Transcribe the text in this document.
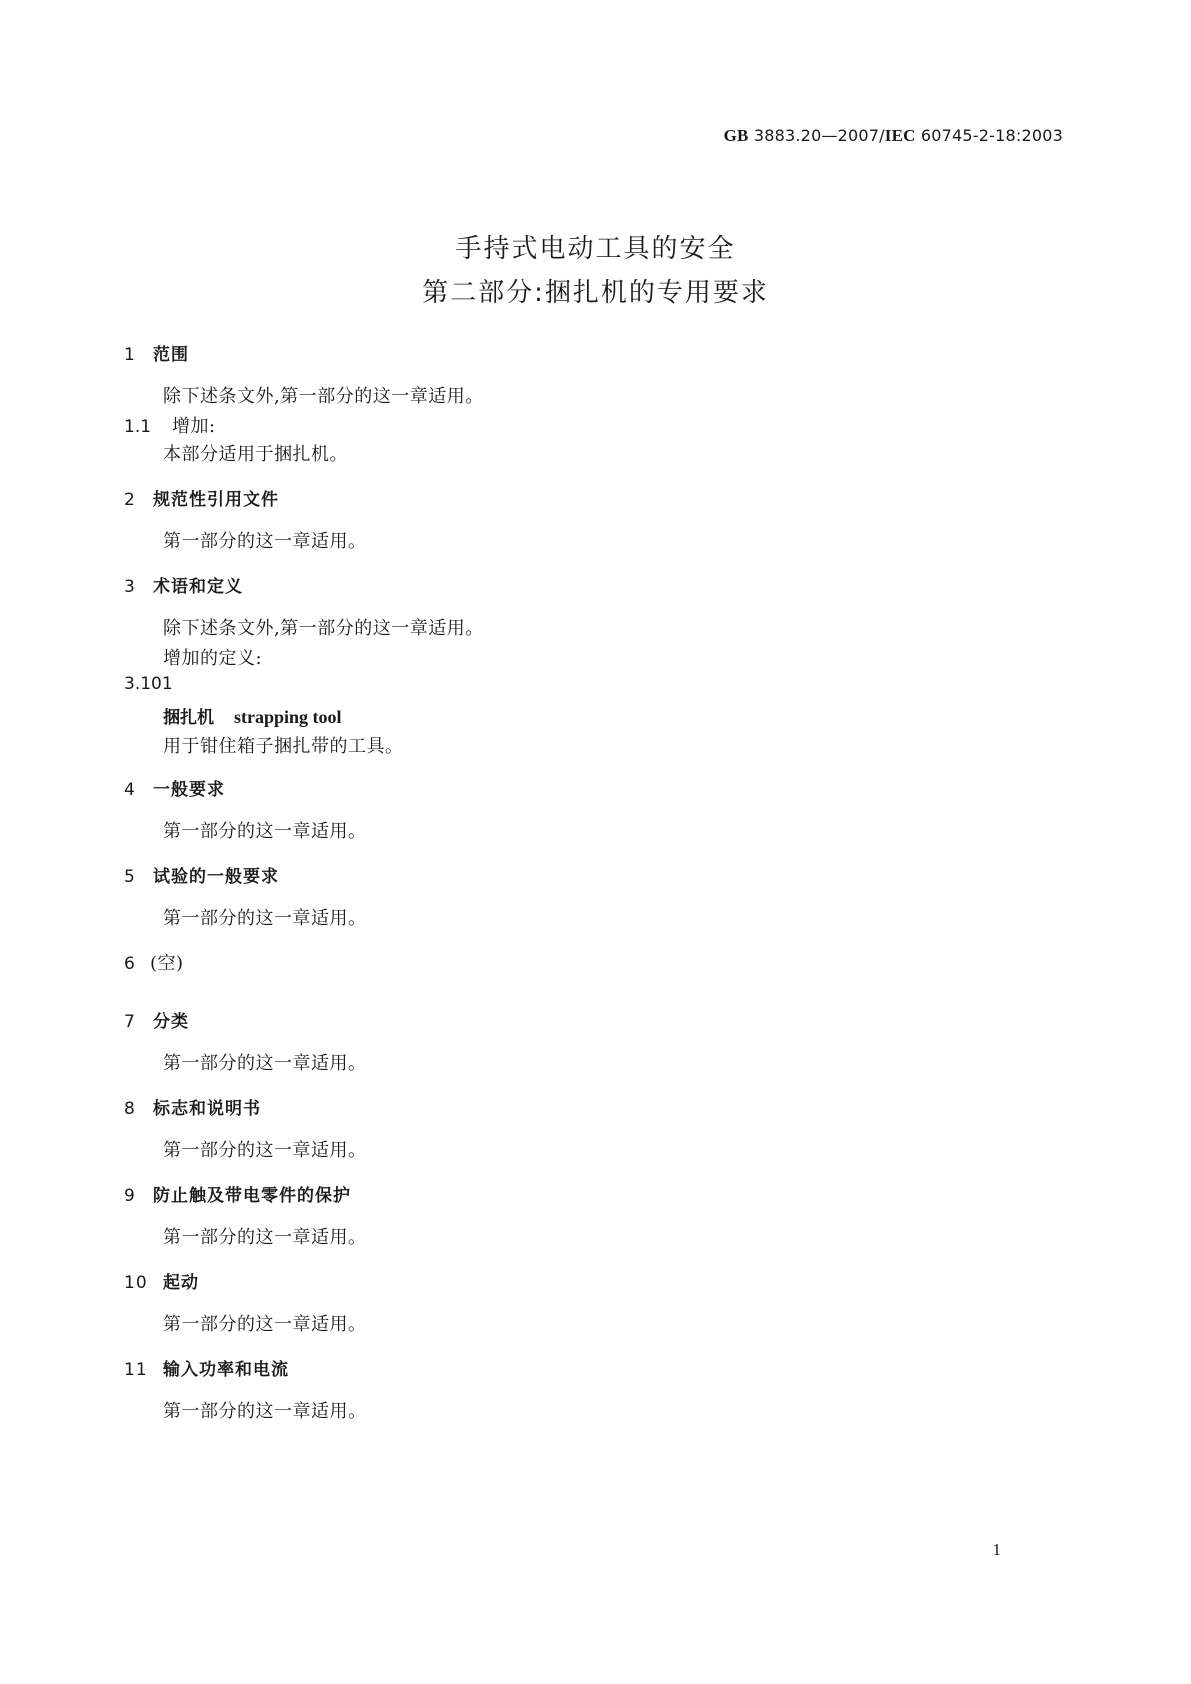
GB 3883.20—2007/IEC 60745-2-18:2003
手持式电动工具的安全
第二部分:捆扎机的专用要求
1 范围
除下述条文外,第一部分的这一章适用。
1.1 增加:
本部分适用于捆扎机。
2 规范性引用文件
第一部分的这一章适用。
3 术语和定义
除下述条文外,第一部分的这一章适用。
增加的定义:
3.101
捆扎机 strapping tool
用于钳住箱子捆扎带的工具。
4 一般要求
第一部分的这一章适用。
5 试验的一般要求
第一部分的这一章适用。
6 (空)
7 分类
第一部分的这一章适用。
8 标志和说明书
第一部分的这一章适用。
9 防止触及带电零件的保护
第一部分的这一章适用。
10 起动
第一部分的这一章适用。
11 输入功率和电流
第一部分的这一章适用。
1
